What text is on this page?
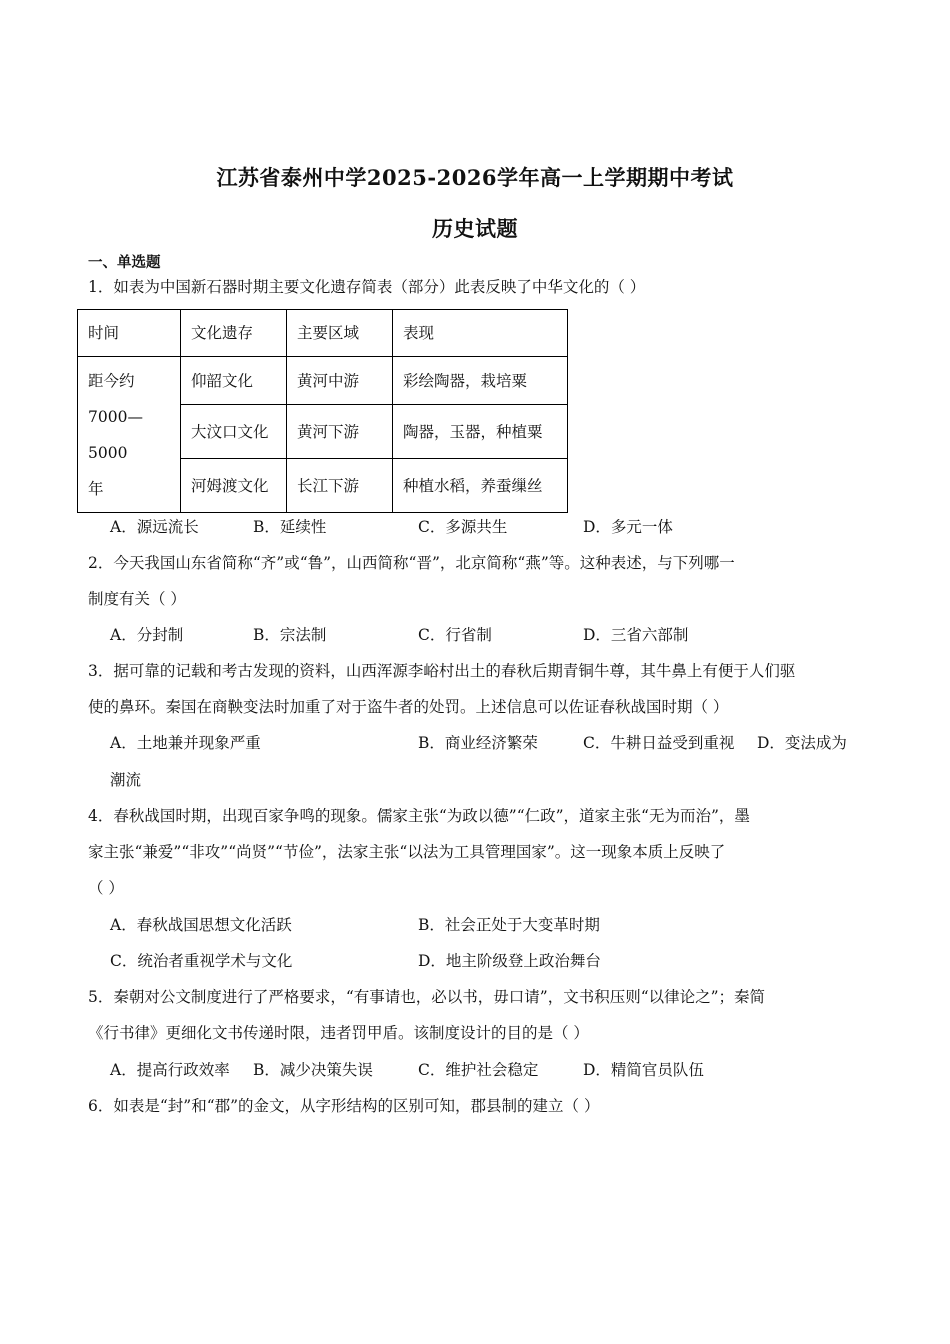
江苏省泰州中学2025-2026学年高一上学期期中考试
历史试题
一、单选题
1．如表为中国新石器时期主要文化遗存简表（部分）此表反映了中华文化的（ ）
时间	文化遗存	主要区域	表现

距今约
7000—5000
年	仰韶文化	黄河中游	彩绘陶器，栽培粟
	大汶口文化	黄河下游	陶器，玉器，种植粟
	河姆渡文化	长江下游	种植水稻，养蚕缫丝
A．源远流长	B．延续性	C．多源共生	D．多元一体
2．今天我国山东省简称“齐”或“鲁”，山西简称“晋”，北京简称“燕”等。这种表述，与下列哪一
制度有关（ ）
A．分封制	B．宗法制	C．行省制	D．三省六部制
3．据可靠的记载和考古发现的资料，山西浑源李峪村出土的春秋后期青铜牛尊，其牛鼻上有便于人们驱
使的鼻环。秦国在商鞅变法时加重了对于盗牛者的处罚。上述信息可以佐证春秋战国时期（ ）
A．土地兼并现象严重	B．商业经济繁荣	C．牛耕日益受到重视 D．变法成为
潮流
4．春秋战国时期，出现百家争鸣的现象。儒家主张“为政以德”“仁政”，道家主张“无为而治”，墨
家主张“兼爱”“非攻”“尚贤”“节俭”，法家主张“以法为工具管理国家”。这一现象本质上反映了
（ ）
A．春秋战国思想文化活跃	B．社会正处于大变革时期
C．统治者重视学术与文化	D．地主阶级登上政治舞台
5．秦朝对公文制度进行了严格要求，“有事请也，必以书，毋口请”，文书积压则“以律论之”；秦简
《行书律》更细化文书传递时限，违者罚甲盾。该制度设计的目的是（ ）
A．提高行政效率 B．减少决策失误	C．维护社会稳定	D．精简官员队伍
6．如表是“封”和“郡”的金文，从字形结构的区别可知，郡县制的建立（ ）
